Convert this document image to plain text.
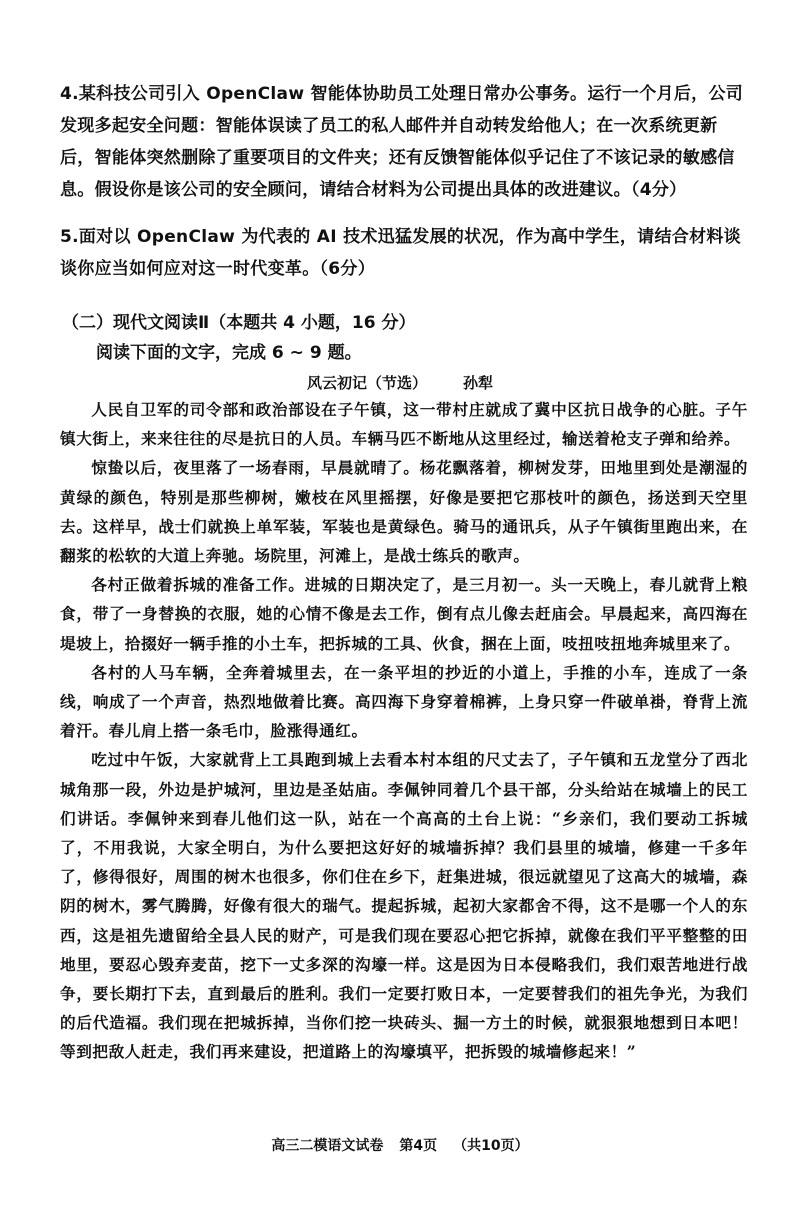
4.某科技公司引入 OpenClaw 智能体协助员工处理日常办公事务。运行一个月后，公司发现多起安全问题：智能体误读了员工的私人邮件并自动转发给他人；在一次系统更新后，智能体突然删除了重要项目的文件夹；还有反馈智能体似乎记住了不该记录的敏感信息。假设你是该公司的安全顾问，请结合材料为公司提出具体的改进建议。（4分）
5.面对以 OpenClaw 为代表的 AI 技术迅猛发展的状况，作为高中学生，请结合材料谈谈你应当如何应对这一时代变革。（6分）
（二）现代文阅读Ⅱ（本题共 4 小题，16 分）
阅读下面的文字，完成 6 ~ 9 题。
风云初记（节选） 孙犁

人民自卫军的司令部和政治部设在子午镇，这一带村庄就成了冀中区抗日战争的心脏。子午镇大街上，来来往往的尽是抗日的人员。车辆马匹不断地从这里经过，输送着枪支子弹和给养。

惊蛰以后，夜里落了一场春雨，早晨就晴了。杨花飘落着，柳树发芽，田地里到处是潮湿的黄绿的颜色，特别是那些柳树，嫩枝在风里摇摆，好像是要把它那枝叶的颜色，扬送到天空里去。这样早，战士们就换上单军装，军装也是黄绿色。骑马的通讯兵，从子午镇街里跑出来，在翻浆的松软的大道上奔驰。场院里，河滩上，是战士练兵的歌声。

各村正做着拆城的准备工作。进城的日期决定了，是三月初一。头一天晚上，春儿就背上粮食，带了一身替换的衣服，她的心情不像是去工作，倒有点儿像去赶庙会。早晨起来，高四海在堤坡上，拾掇好一辆手推的小土车，把拆城的工具、伙食，捆在上面，吱扭吱扭地奔城里来了。

各村的人马车辆，全奔着城里去，在一条平坦的抄近的小道上，手推的小车，连成了一条线，响成了一个声音，热烈地做着比赛。高四海下身穿着棉裤，上身只穿一件破单褂，脊背上流着汗。春儿肩上搭一条毛巾，脸涨得通红。

吃过中午饭，大家就背上工具跑到城上去看本村本组的尺丈去了，子午镇和五龙堂分了西北城角那一段，外边是护城河，里边是圣姑庙。李佩钟同着几个县干部，分头给站在城墙上的民工们讲话。李佩钟来到春儿他们这一队，站在一个高高的土台上说：“乡亲们，我们要动工拆城了，不用我说，大家全明白，为什么要把这好好的城墙拆掉？我们县里的城墙，修建一千多年了，修得很好，周围的树木也很多，你们住在乡下，赶集进城，很远就望见了这高大的城墙，森阴的树木，雾气腾腾，好像有很大的瑞气。提起拆城，起初大家都舍不得，这不是哪一个人的东西，这是祖先遗留给全县人民的财产，可是我们现在要忍心把它拆掉，就像在我们平平整整的田地里，要忍心毁弃麦苗，挖下一丈多深的沟壕一样。这是因为日本侵略我们，我们艰苦地进行战争，要长期打下去，直到最后的胜利。我们一定要打败日本，一定要替我们的祖先争光，为我们的后代造福。我们现在把城拆掉，当你们挖一块砖头、掘一方土的时候，就狠狠地想到日本吧！等到把敌人赶走，我们再来建设，把道路上的沟壕填平，把拆毁的城墙修起来！”

高三二模语文试卷 第4页 （共10页）
